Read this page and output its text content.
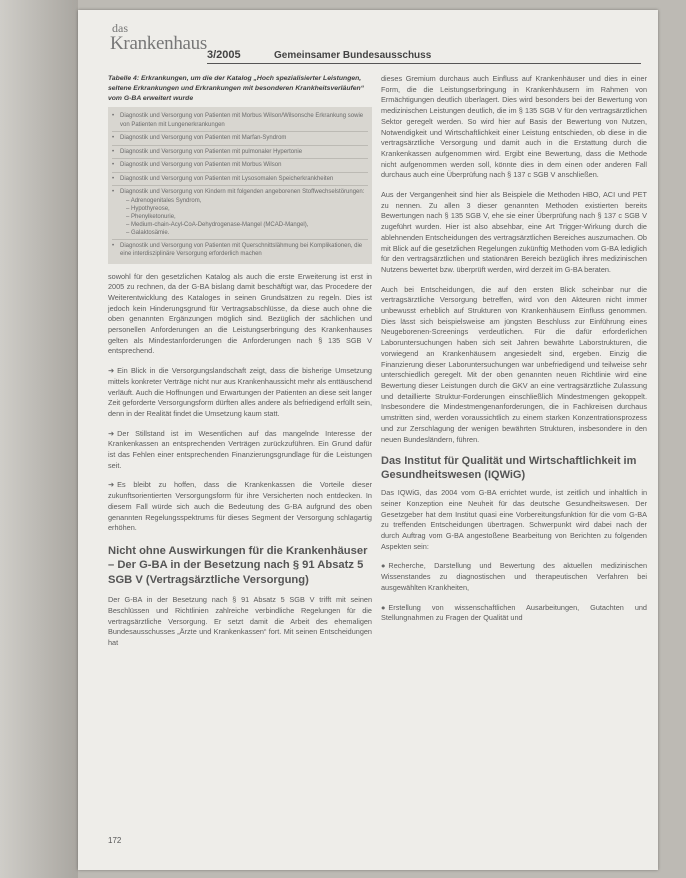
das
Krankenhaus
3/2005	Gemeinsamer Bundesausschuss
Tabelle 4: Erkrankungen, um die der Katalog „Hoch spezialisierter Leistungen, seltene Erkrankungen und Erkrankungen mit besonderen Krankheitsverläufen“ vom G-BA erweitert wurde
• Diagnostik und Versorgung von Patienten mit Morbus Wilson/Wilsonsche Erkrankung sowie von Patienten mit Lungenerkrankungen
• Diagnostik und Versorgung von Patienten mit Marfan-Syndrom
• Diagnostik und Versorgung von Patienten mit pulmonaler Hypertonie
• Diagnostik und Versorgung von Patienten mit Morbus Wilson
• Diagnostik und Versorgung von Patienten mit Lysosomalen Speicherkrankheiten
• Diagnostik und Versorgung von Kindern mit folgenden angeborenen Stoffwechselstörungen:
– Adrenogenitales Syndrom,
– Hypothyreose,
– Phenylketonurie,
– Medium-chain-Acyl-CoA-Dehydrogenase-Mangel (MCAD-Mangel),
– Galaktosämie.
• Diagnostik und Versorgung von Patienten mit Querschnittslähmung bei Komplikationen, die eine interdisziplinäre Versorgung erforderlich machen

sowohl für den gesetzlichen Katalog als auch die erste Erweiterung ist erst in 2005 zu rechnen, da der G-BA bislang damit beschäftigt war, das Procedere der Weiterentwicklung des Kataloges in seinen Grundsätzen zu regeln. Dies ist jedoch kein Hinderungsgrund für Vertragsabschlüsse, da diese auch ohne die oben genannten Ergänzungen möglich sind. Bezüglich der sächlichen und personellen Anforderungen an die Leistungserbringung des Krankenhauses gelten als Mindestanforderungen die Anforderungen nach § 135 SGB V entsprechend.

➜ Ein Blick in die Versorgungslandschaft zeigt, dass die bisherige Umsetzung mittels konkreter Verträge nicht nur aus Krankenhaussicht mehr als enttäuschend verläuft. Auch die Hoffnungen und Erwartungen der Patienten an diese seit langer Zeit geforderte Versorgungsform dürften alles andere als befriedigend erfüllt sein, denn in der Realität findet die Umsetzung kaum statt.

➜ Der Stillstand ist im Wesentlichen auf das mangelnde Interesse der Krankenkassen an entsprechenden Verträgen zurückzuführen. Ein Grund dafür ist das Fehlen einer entsprechenden Finanzierungsgrundlage für die Leistungen seit.

➜ Es bleibt zu hoffen, dass die Krankenkassen die Vorteile dieser zukunftsorientierten Versorgungsform für ihre Versicherten noch entdecken. In diesem Fall würde sich auch die Bedeutung des G-BA aufgrund des oben genannten Regelungsspektrums für dieses Segment der Versorgung schlagartig erhöhen.

Nicht ohne Auswirkungen für die Krankenhäuser – Der G-BA in der Besetzung nach § 91 Absatz 5 SGB V (Vertragsärztliche Versorgung)

Der G-BA in der Besetzung nach § 91 Absatz 5 SGB V trifft mit seinen Beschlüssen und Richtlinien zahlreiche verbindliche Regelungen für die vertragsärztliche Versorgung. Er setzt damit die Arbeit des ehemaligen Bundesausschusses „Ärzte und Krankenkassen“ fort. Mit seinen Entscheidungen hat

dieses Gremium durchaus auch Einfluss auf Krankenhäuser und dies in einer Form, die die Leistungserbringung in Krankenhäusern im Rahmen von Ermächtigungen deutlich überlagert. Dies wird besonders bei der Bewertung von medizinischen Leistungen deutlich, die im § 135 SGB V für den vertragsärztlichen Sektor geregelt werden. So wird hier auf Basis der Bewertung von Nutzen, Notwendigkeit und Wirtschaftlichkeit einer Leistung entschieden, ob diese in die vertragsärztliche Versorgung und damit auch in die Erstattung durch die Krankenkassen aufgenommen wird. Ergibt eine Bewertung, dass die Methode nicht aufgenommen werden soll, könnte dies in dem einen oder anderen Fall durchaus auch eine Überprüfung nach § 137 c SGB V anschließen.

Aus der Vergangenheit sind hier als Beispiele die Methoden HBO, ACI und PET zu nennen. Zu allen 3 dieser genannten Methoden existierten bereits Bewertungen nach § 135 SGB V, ehe sie einer Überprüfung nach § 137 c SGB V zugeführt wurden. Hier ist also absehbar, eine Art Trigger-Wirkung durch die ablehnenden Entscheidungen des vertragsärztlichen Bereiches auszumachen. Ob mit Blick auf die gesetzlichen Regelungen zukünftig Methoden vom G-BA lediglich für den vertragsärztlichen und stationären Bereich bezüglich ihres medizinischen Nutzens bewertet bzw. überprüft werden, wird derzeit im G-BA beraten.

Auch bei Entscheidungen, die auf den ersten Blick scheinbar nur die vertragsärztliche Versorgung betreffen, wird von den Akteuren nicht immer unbewusst erheblich auf Strukturen von Krankenhäusern Einfluss genommen. Dies lässt sich beispielsweise am jüngsten Beschluss zur Einführung eines Neugeborenen-Screenings verdeutlichen. Für die dafür erforderlichen Laboruntersuchungen haben sich seit Jahren bewährte Laborstrukturen, die vorwiegend an Krankenhäusern angesiedelt sind, ergeben. Einzig die Finanzierung dieser Laboruntersuchungen war unbefriedigend und teilweise sehr unterschiedlich geregelt. Mit der oben genannten neuen Richtlinie wird eine Bewertung dieser Leistungen durch die GKV an eine vertragsärztliche Zulassung und detaillierte Struktur-Forderungen einschließlich Mindestmengen gekoppelt. Insbesondere die Mindestmengenanforderungen, die in Fachkreisen durchaus umstritten sind, werden voraussichtlich zu einem starken Konzentrationsprozess und zur Zerschlagung der wenigen bewährten Strukturen, insbesondere in den neuen Bundesländern, führen.

Das Institut für Qualität und Wirtschaftlichkeit im Gesundheitswesen (IQWiG)

Das IQWiG, das 2004 vom G-BA errichtet wurde, ist zeitlich und inhaltlich in seiner Konzeption eine Neuheit für das deutsche Gesundheitswesen. Der Gesetzgeber hat dem Institut quasi eine Vorbereitungsfunktion für die vom G-BA zu treffenden Entscheidungen übertragen. Schwerpunkt wird dabei nach der durch Auftrag vom G-BA angestoßene Bearbeitung von Berichten zu folgenden Aspekten sein:

● Recherche, Darstellung und Bewertung des aktuellen medizinischen Wissenstandes zu diagnostischen und therapeutischen Verfahren bei ausgewählten Krankheiten,

● Erstellung von wissenschaftlichen Ausarbeitungen, Gutachten und Stellungnahmen zu Fragen der Qualität und

172
